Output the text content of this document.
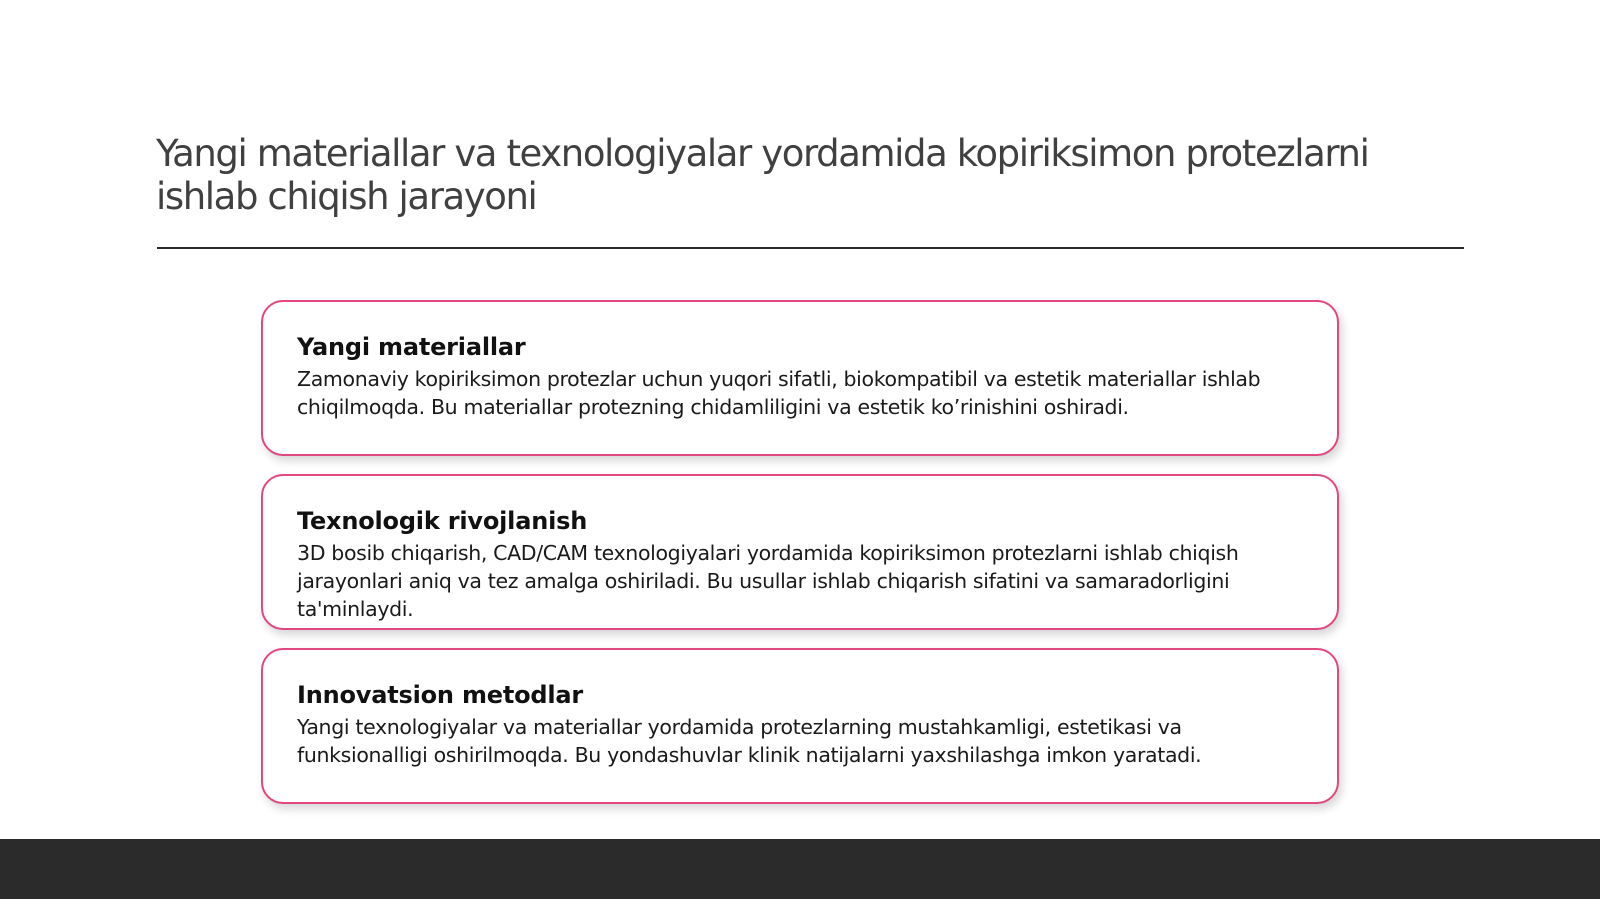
Yangi materiallar va texnologiyalar yordamida kopiriksimon protezlarni ishlab chiqish jarayoni
Yangi materiallar

Zamonaviy kopiriksimon protezlar uchun yuqori sifatli, biokompatibil va estetik materiallar ishlab chiqilmoqda. Bu materiallar protezning chidamliligini va estetik ko’rinishini oshiradi.

Texnologik rivojlanish

3D bosib chiqarish, CAD/CAM texnologiyalari yordamida kopiriksimon protezlarni ishlab chiqish jarayonlari aniq va tez amalga oshiriladi. Bu usullar ishlab chiqarish sifatini va samaradorligini ta'minlaydi.

Innovatsion metodlar

Yangi texnologiyalar va materiallar yordamida protezlarning mustahkamligi, estetikasi va funksionalligi oshirilmoqda. Bu yondashuvlar klinik natijalarni yaxshilashga imkon yaratadi.
